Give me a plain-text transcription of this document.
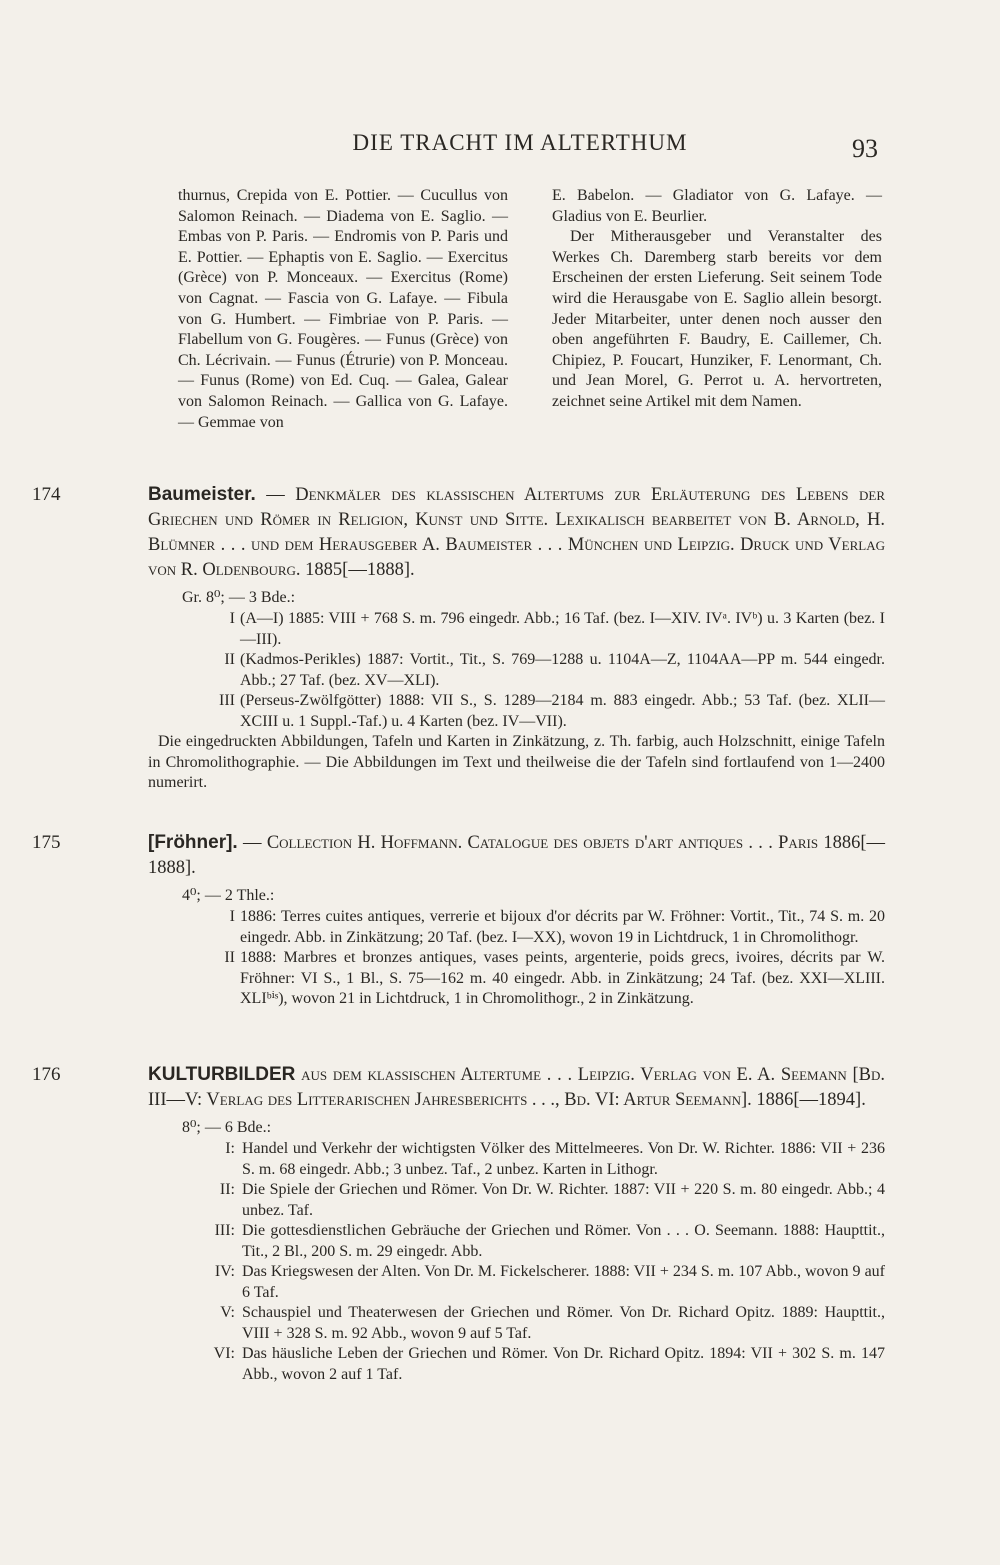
DIE TRACHT IM ALTERTHUM	93

thurnus, Crepida von E. Pottier. — Cucullus von Salomon Reinach. — Diadema von E. Saglio. — Embas von P. Paris. — Endromis von P. Paris und E. Pottier. — Ephaptis von E. Saglio. — Exercitus (Grèce) von P. Monceaux. — Exercitus (Rome) von Cagnat. — Fascia von G. Lafaye. — Fibula von G. Humbert. — Fimbriae von P. Paris. — Flabellum von G. Fougères. — Funus (Grèce) von Ch. Lécrivain. — Funus (Étrurie) von P. Monceau. — Funus (Rome) von Ed. Cuq. — Galea, Galear von Salomon Reinach. — Gallica von G. Lafaye. — Gemmae von

E. Babelon. — Gladiator von G. Lafaye. — Gladius von E. Beurlier.

Der Mitherausgeber und Veranstalter des Werkes Ch. Daremberg starb bereits vor dem Erscheinen der ersten Lieferung. Seit seinem Tode wird die Herausgabe von E. Saglio allein besorgt. Jeder Mitarbeiter, unter denen noch ausser den oben angeführten F. Baudry, E. Caillemer, Ch. Chipiez, P. Foucart, Hunziker, F. Lenormant, Ch. und Jean Morel, G. Perrot u. A. hervortreten, zeichnet seine Artikel mit dem Namen.

174	Baumeister. — Denkmäler des klassischen Altertums zur Erläuterung des Lebens der Griechen und Römer in Religion, Kunst und Sitte. Lexikalisch bearbeitet von B. Arnold, H. Blümner . . . und dem Herausgeber A. Baumeister . . . München und Leipzig. Druck und Verlag von R. Oldenbourg. 1885[—1888].
Gr. 8⁰; — 3 Bde.:
I (A—I) 1885: VIII + 768 S. m. 796 eingedr. Abb.; 16 Taf. (bez. I—XIV. IVᵃ. IVᵇ) u. 3 Karten (bez. I—III).
II (Kadmos-Perikles) 1887: Vortit., Tit., S. 769—1288 u. 1104A—Z, 1104AA—PP m. 544 eingedr. Abb.; 27 Taf. (bez. XV—XLI).
III (Perseus-Zwölfgötter) 1888: VII S., S. 1289—2184 m. 883 eingedr. Abb.; 53 Taf. (bez. XLII—XCIII u. 1 Suppl.-Taf.) u. 4 Karten (bez. IV—VII).
Die eingedruckten Abbildungen, Tafeln und Karten in Zinkätzung, z. Th. farbig, auch Holzschnitt, einige Tafeln in Chromolithographie. — Die Abbildungen im Text und theilweise die der Tafeln sind fortlaufend von 1—2400 numerirt.
175	[Fröhner]. — Collection H. Hoffmann. Catalogue des objets d'art antiques . . . Paris 1886[—1888].
4⁰; — 2 Thle.:
I 1886: Terres cuites antiques, verrerie et bijoux d'or décrits par W. Fröhner: Vortit., Tit., 74 S. m. 20 eingedr. Abb. in Zinkätzung; 20 Taf. (bez. I—XX), wovon 19 in Lichtdruck, 1 in Chromolithogr.
II 1888: Marbres et bronzes antiques, vases peints, argenterie, poids grecs, ivoires, décrits par W. Fröhner: VI S., 1 Bl., S. 75—162 m. 40 eingedr. Abb. in Zinkätzung; 24 Taf. (bez. XXI—XLIII. XLIᵇⁱˢ), wovon 21 in Lichtdruck, 1 in Chromolithogr., 2 in Zinkätzung.
176	KULTURBILDER aus dem klassischen Altertume . . . Leipzig. Verlag von E. A. Seemann [Bd. III—V: Verlag des Litterarischen Jahresberichts . . ., Bd. VI: Artur Seemann]. 1886[—1894].
8⁰; — 6 Bde.:
I: Handel und Verkehr der wichtigsten Völker des Mittelmeeres. Von Dr. W. Richter. 1886: VII + 236 S. m. 68 eingedr. Abb.; 3 unbez. Taf., 2 unbez. Karten in Lithogr.
II: Die Spiele der Griechen und Römer. Von Dr. W. Richter. 1887: VII + 220 S. m. 80 eingedr. Abb.; 4 unbez. Taf.
III: Die gottesdienstlichen Gebräuche der Griechen und Römer. Von . . . O. Seemann. 1888: Haupttit., Tit., 2 Bl., 200 S. m. 29 eingedr. Abb.
IV: Das Kriegswesen der Alten. Von Dr. M. Fickelscherer. 1888: VII + 234 S. m. 107 Abb., wovon 9 auf 6 Taf.
V: Schauspiel und Theaterwesen der Griechen und Römer. Von Dr. Richard Opitz. 1889: Haupttit., VIII + 328 S. m. 92 Abb., wovon 9 auf 5 Taf.
VI: Das häusliche Leben der Griechen und Römer. Von Dr. Richard Opitz. 1894: VII + 302 S. m. 147 Abb., wovon 2 auf 1 Taf.
